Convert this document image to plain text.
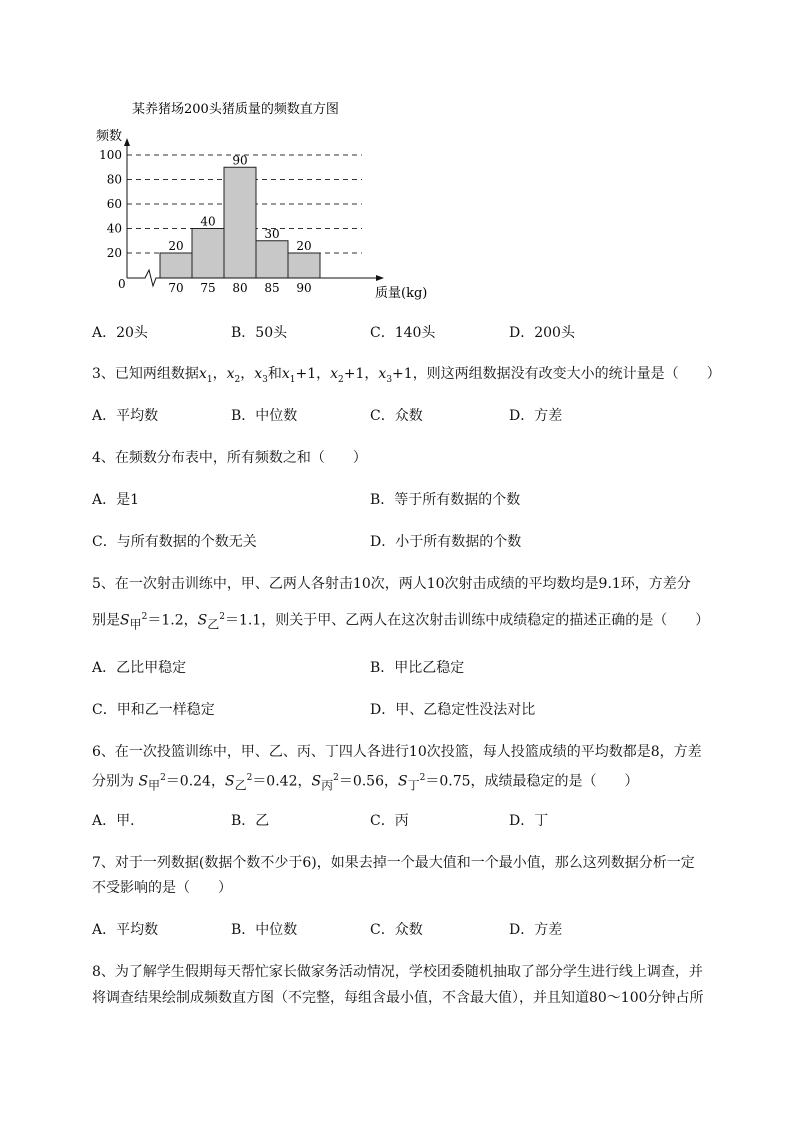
某养猪场200头猪质量的频数直方图
频数
质量(kg)
0
20
40
60
80
100
20
40
90
30
20
70 75 80 85 90
A．20头	B．50头	C．140头	D．200头
3、已知两组数据$x_1$，$x_2$，$x_3$和$x_1+1$，$x_2+1$，$x_3+1$，则这两组数据没有改变大小的统计量是（　　）
A．平均数	B．中位数	C．众数	D．方差
4、在频数分布表中，所有频数之和（　　）
A．是1	B．等于所有数据的个数
C．与所有数据的个数无关	D．小于所有数据的个数
5、在一次射击训练中，甲、乙两人各射击10次，两人10次射击成绩的平均数均是9.1环，方差分
别是$S_甲^2=1.2$，$S_乙^2=1.1$，则关于甲、乙两人在这次射击训练中成绩稳定的描述正确的是（　　）
A．乙比甲稳定	B．甲比乙稳定
C．甲和乙一样稳定	D．甲、乙稳定性没法对比
6、在一次投篮训练中，甲、乙、丙、丁四人各进行10次投篮，每人投篮成绩的平均数都是8，方差
分别为 $S_甲^2=0.24$，$S_乙^2=0.42$，$S_丙^2=0.56$，$S_丁^2=0.75$，成绩最稳定的是（　　）
A．甲．	B．乙	C．丙	D．丁
7、对于一列数据(数据个数不少于6)，如果去掉一个最大值和一个最小值，那么这列数据分析一定
不受影响的是（　　）
A．平均数	B．中位数	C．众数	D．方差
8、为了解学生假期每天帮忙家长做家务活动情况，学校团委随机抽取了部分学生进行线上调查，并
将调查结果绘制成频数直方图（不完整，每组含最小值，不含最大值），并且知道80～100分钟占所
